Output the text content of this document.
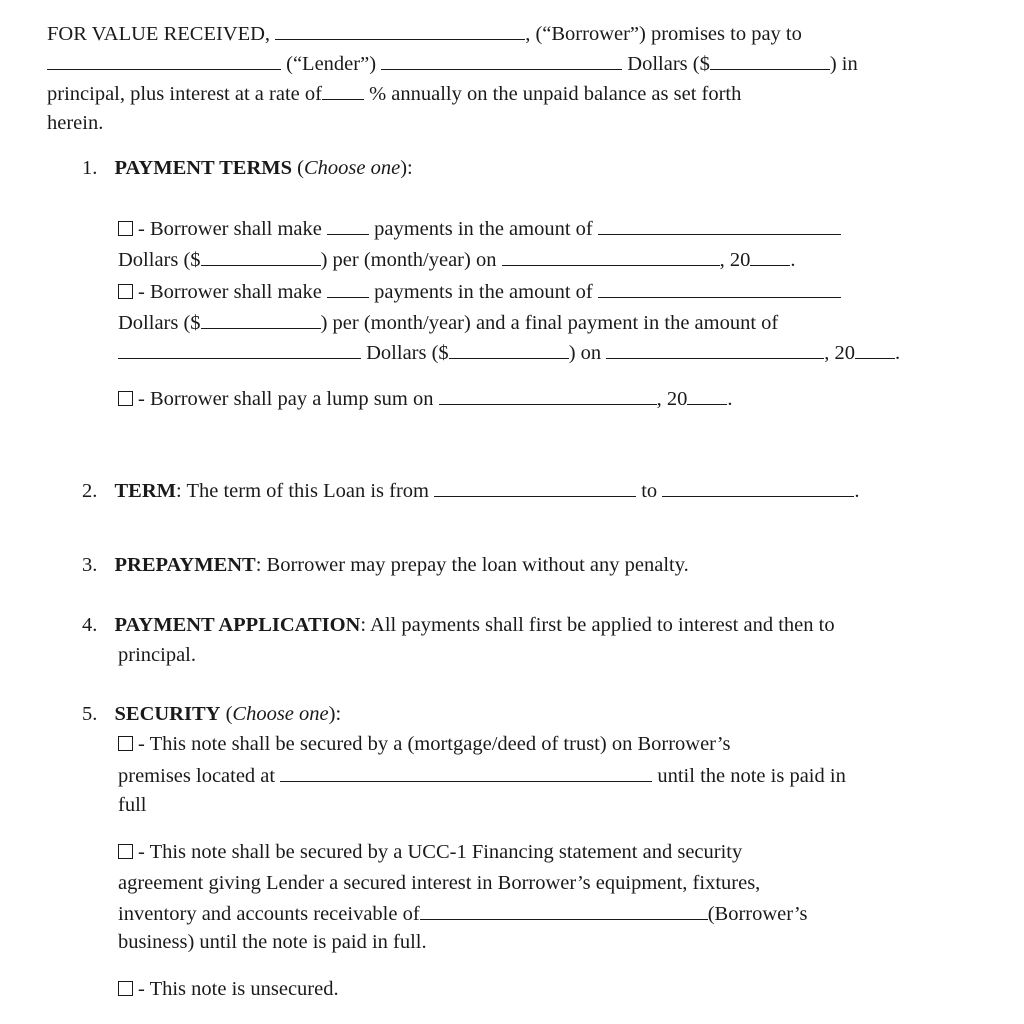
FOR VALUE RECEIVED,	, (“Borrower”) promises to pay to
(“Lender”)	Dollars ($	) in
principal, plus interest at a rate of % annually on the unpaid balance as set forth
herein.
1. PAYMENT TERMS (Choose one):
- Borrower shall make	payments in the amount of
Dollars ($	) per (month/year) on	, 20 .
- Borrower shall make	payments in the amount of
Dollars ($	) per (month/year) and a final payment in the amount of
Dollars ($	) on	, 20 .
- Borrower shall pay a lump sum on	, 20 .
2. TERM: The term of this Loan is from	to	.
3. PREPAYMENT: Borrower may prepay the loan without any penalty.
4. PAYMENT APPLICATION: All payments shall first be applied to interest and then to
principal.
5. SECURITY (Choose one):
- This note shall be secured by a (mortgage/deed of trust) on Borrower’s
premises located at	until the note is paid in
full
- This note shall be secured by a UCC-1 Financing statement and security
agreement giving Lender a secured interest in Borrower’s equipment, fixtures,
inventory and accounts receivable of	(Borrower’s
business) until the note is paid in full.
- This note is unsecured.
